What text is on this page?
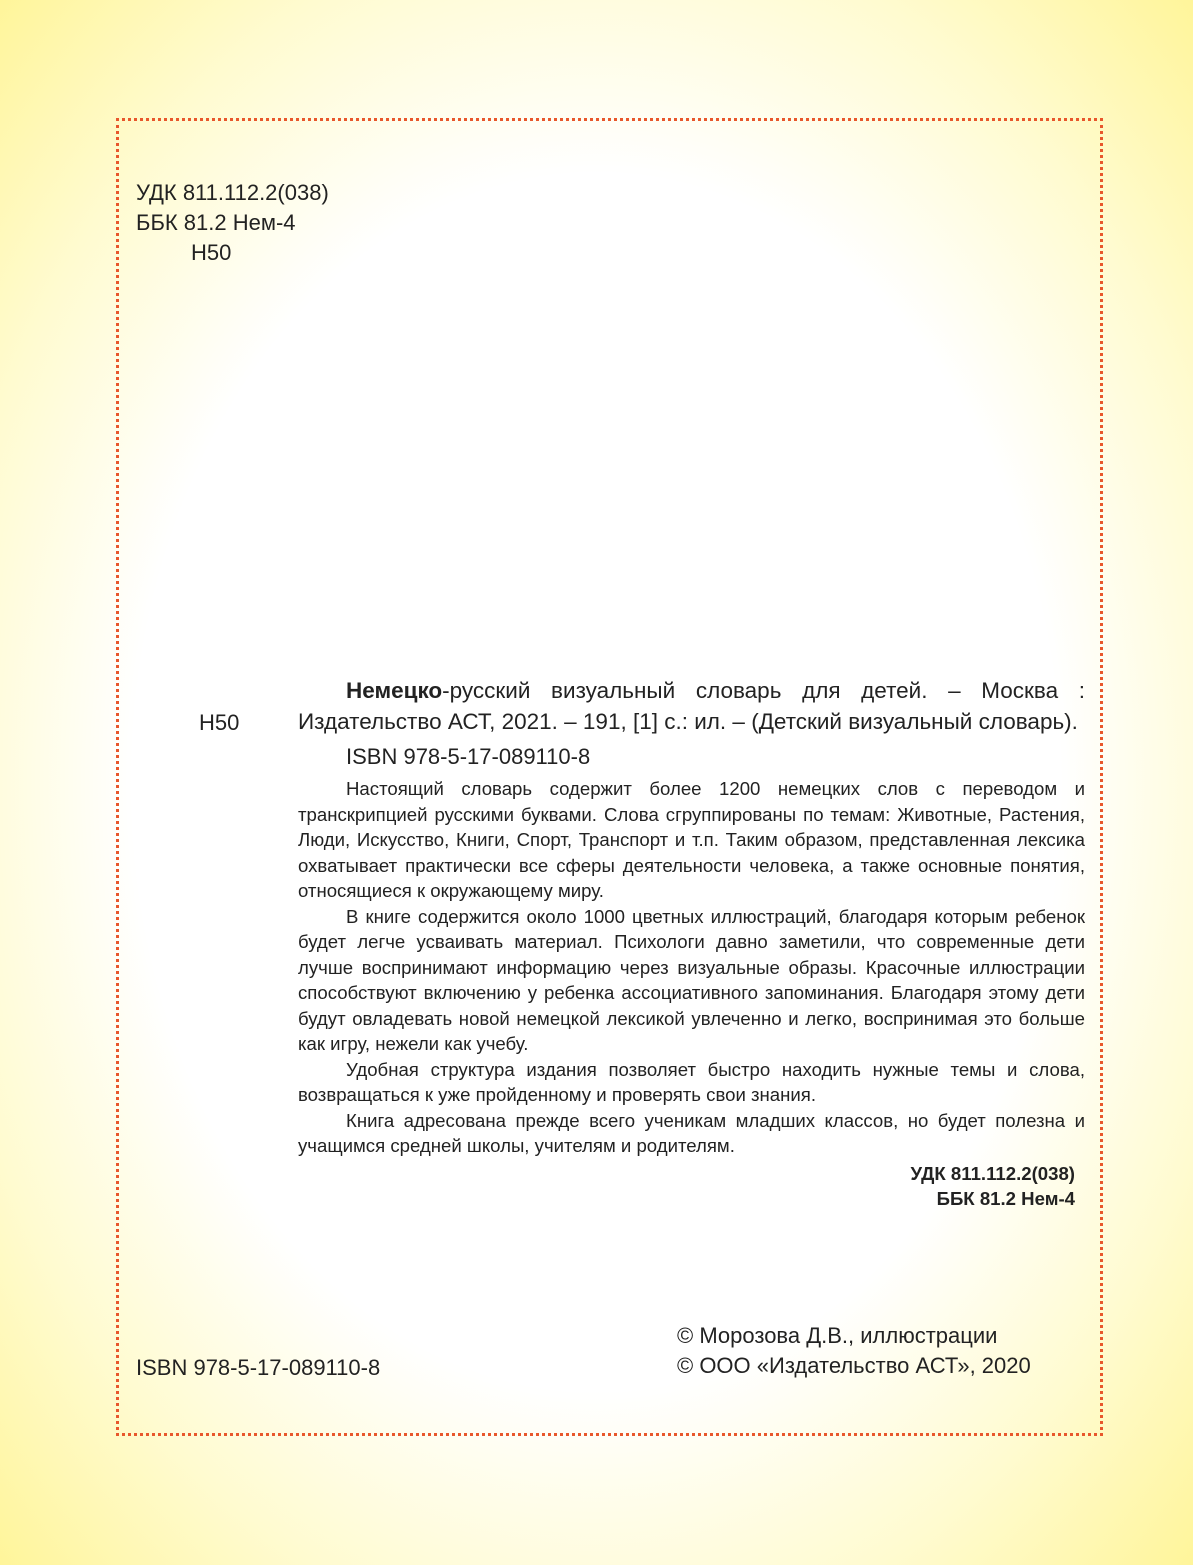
УДК 811.112.2(038)
ББК 81.2 Нем-4
Н50
Н50
Немецко-русский визуальный словарь для детей. – Москва : Издательство АСТ, 2021. – 191, [1] с.: ил. – (Детский визуальный словарь).
ISBN 978-5-17-089110-8

Настоящий словарь содержит более 1200 немецких слов с переводом и транскрипцией русскими буквами. Слова сгруппированы по темам: Животные, Растения, Люди, Искусство, Книги, Спорт, Транспорт и т.п. Таким образом, представленная лексика охватывает практически все сферы деятельности человека, а также основные понятия, относящиеся к окружающему миру.

В книге содержится около 1000 цветных иллюстраций, благодаря которым ребенок будет легче усваивать материал. Психологи давно заметили, что современные дети лучше воспринимают информацию через визуальные образы. Красочные иллюстрации способствуют включению у ребенка ассоциативного запоминания. Благодаря этому дети будут овладевать новой немецкой лексикой увлеченно и легко, воспринимая это больше как игру, нежели как учебу.

Удобная структура издания позволяет быстро находить нужные темы и слова, возвращаться к уже пройденному и проверять свои знания.

Книга адресована прежде всего ученикам младших классов, но будет полезна и учащимся средней школы, учителям и родителям.

УДК 811.112.2(038)
ББК 81.2 Нем-4
© Морозова Д.В., иллюстрации
© ООО «Издательство АСТ», 2020
ISBN 978-5-17-089110-8
